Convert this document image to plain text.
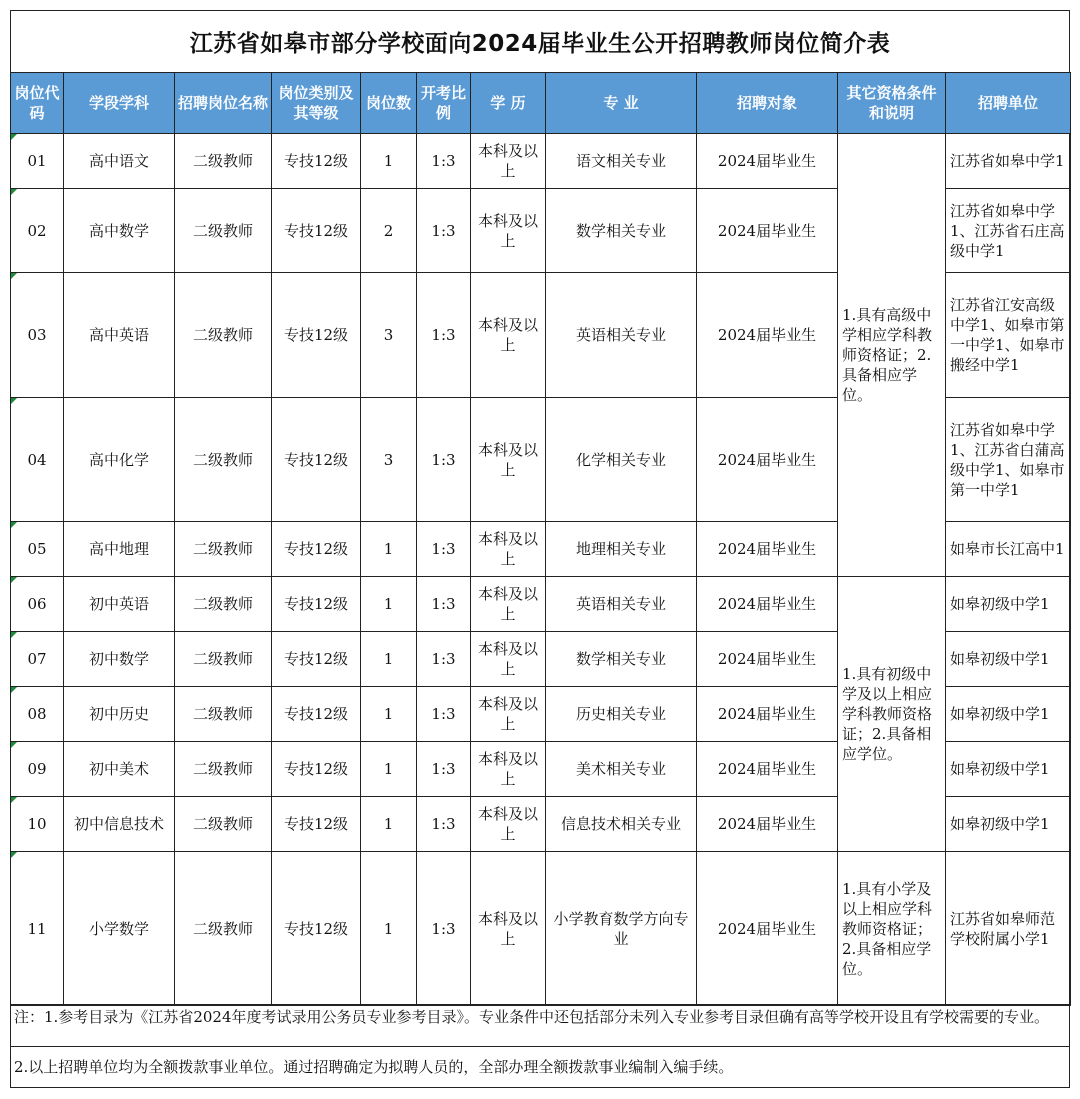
江苏省如皋市部分学校面向2024届毕业生公开招聘教师岗位简介表
岗位代码	学段学科	招聘岗位名称	岗位类别及其等级	岗位数	开考比例	学 历	专 业	招聘对象	其它资格条件和说明	招聘单位
01	高中语文	二级教师	专技12级	1	1:3	本科及以上	语文相关专业	2024届毕业生	1.具有高级中学相应学科教师资格证；2.具备相应学位。	江苏省如皋中学1
02	高中数学	二级教师	专技12级	2	1:3	本科及以上	数学相关专业	2024届毕业生		江苏省如皋中学1、江苏省石庄高级中学1
03	高中英语	二级教师	专技12级	3	1:3	本科及以上	英语相关专业	2024届毕业生		江苏省江安高级中学1、如皋市第一中学1、如皋市搬经中学1
04	高中化学	二级教师	专技12级	3	1:3	本科及以上	化学相关专业	2024届毕业生		江苏省如皋中学1、江苏省白蒲高级中学1、如皋市第一中学1
05	高中地理	二级教师	专技12级	1	1:3	本科及以上	地理相关专业	2024届毕业生		如皋市长江高中1
06	初中英语	二级教师	专技12级	1	1:3	本科及以上	英语相关专业	2024届毕业生	1.具有初级中学及以上相应学科教师资格证；2.具备相应学位。	如皋初级中学1
07	初中数学	二级教师	专技12级	1	1:3	本科及以上	数学相关专业	2024届毕业生		如皋初级中学1
08	初中历史	二级教师	专技12级	1	1:3	本科及以上	历史相关专业	2024届毕业生		如皋初级中学1
09	初中美术	二级教师	专技12级	1	1:3	本科及以上	美术相关专业	2024届毕业生		如皋初级中学1
10	初中信息技术	二级教师	专技12级	1	1:3	本科及以上	信息技术相关专业	2024届毕业生		如皋初级中学1
11	小学数学	二级教师	专技12级	1	1:3	本科及以上	小学教育数学方向专业	2024届毕业生	1.具有小学及以上相应学科教师资格证；2.具备相应学位。	江苏省如皋师范学校附属小学1
注：1.参考目录为《江苏省2024年度考试录用公务员专业参考目录》。专业条件中还包括部分未列入专业参考目录但确有高等学校开设且有学校需要的专业。
2.以上招聘单位均为全额拨款事业单位。通过招聘确定为拟聘人员的，全部办理全额拨款事业编制入编手续。
